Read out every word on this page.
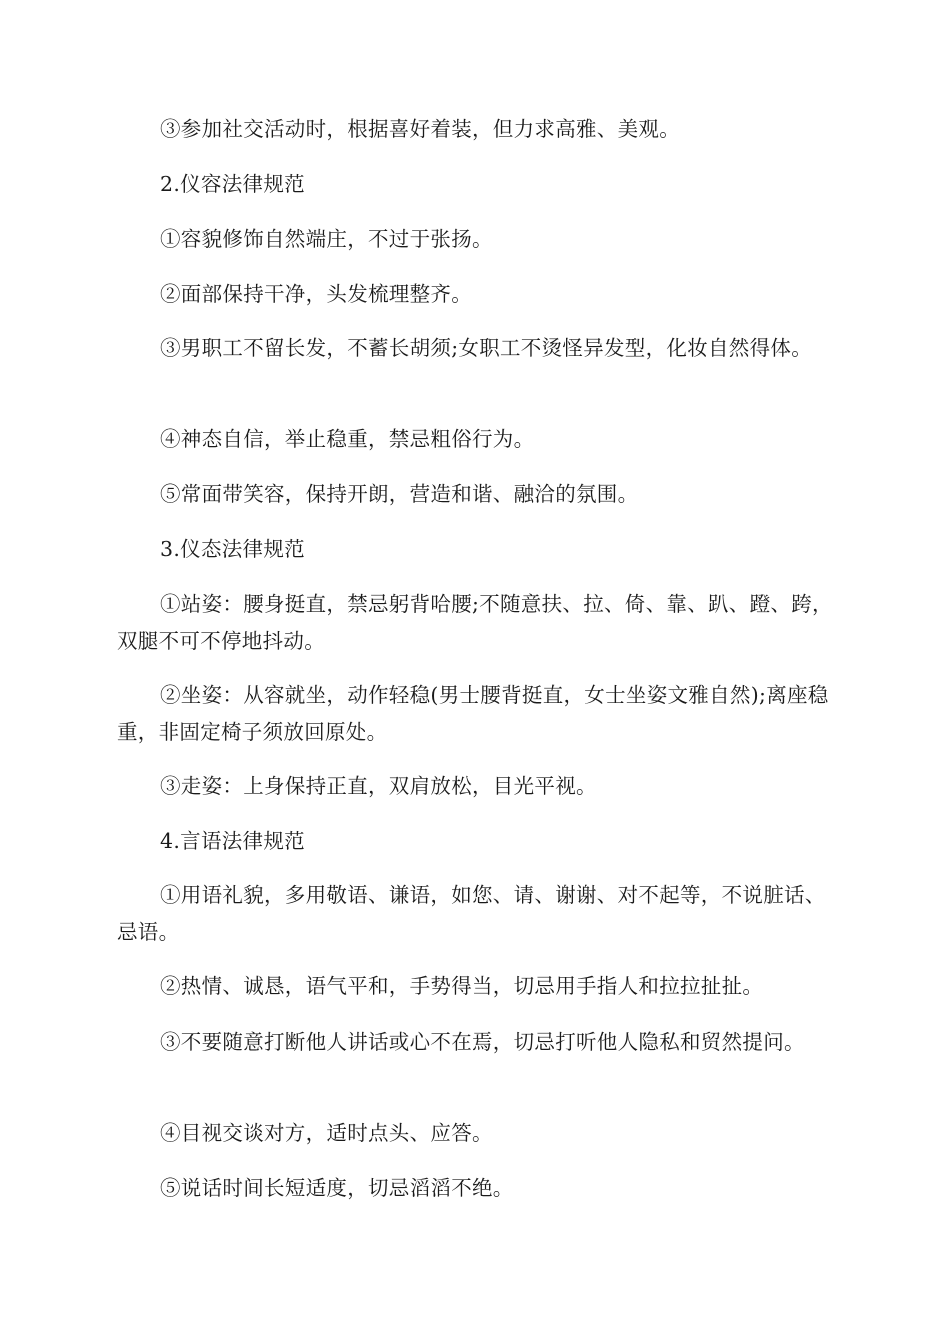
③参加社交活动时，根据喜好着装，但力求高雅、美观。

2.仪容法律规范

①容貌修饰自然端庄，不过于张扬。

②面部保持干净，头发梳理整齐。

③男职工不留长发，不蓄长胡须;女职工不烫怪异发型，化妆自然得体。

④神态自信，举止稳重，禁忌粗俗行为。

⑤常面带笑容，保持开朗，营造和谐、融洽的氛围。

3.仪态法律规范

①站姿：腰身挺直，禁忌躬背哈腰;不随意扶、拉、倚、靠、趴、蹬、跨，双腿不可不停地抖动。

②坐姿：从容就坐，动作轻稳(男士腰背挺直，女士坐姿文雅自然);离座稳重，非固定椅子须放回原处。

③走姿：上身保持正直，双肩放松，目光平视。

4.言语法律规范

①用语礼貌，多用敬语、谦语，如您、请、谢谢、对不起等，不说脏话、忌语。

②热情、诚恳，语气平和，手势得当，切忌用手指人和拉拉扯扯。

③不要随意打断他人讲话或心不在焉，切忌打听他人隐私和贸然提问。

④目视交谈对方，适时点头、应答。

⑤说话时间长短适度，切忌滔滔不绝。
